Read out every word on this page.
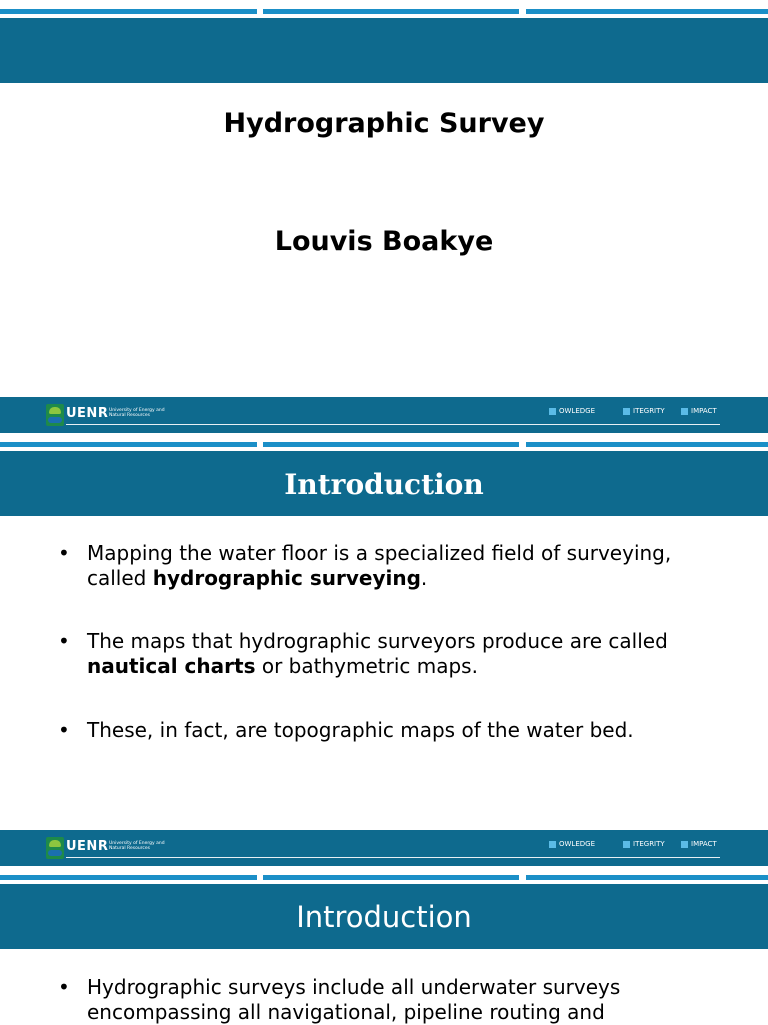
Hydrographic Survey
Louvis Boakye
UENR University of Energy and Natural Resources
OWLEDGE	ITEGRITY	IMPACT
Introduction
• Mapping the water floor is a specialized field of surveying, called hydrographic surveying.
• The maps that hydrographic surveyors produce are called nautical charts or bathymetric maps.
• These, in fact, are topographic maps of the water bed.
UENR University of Energy and Natural Resources
OWLEDGE	ITEGRITY	IMPACT
Introduction
• Hydrographic surveys include all underwater surveys encompassing all navigational, pipeline routing and
